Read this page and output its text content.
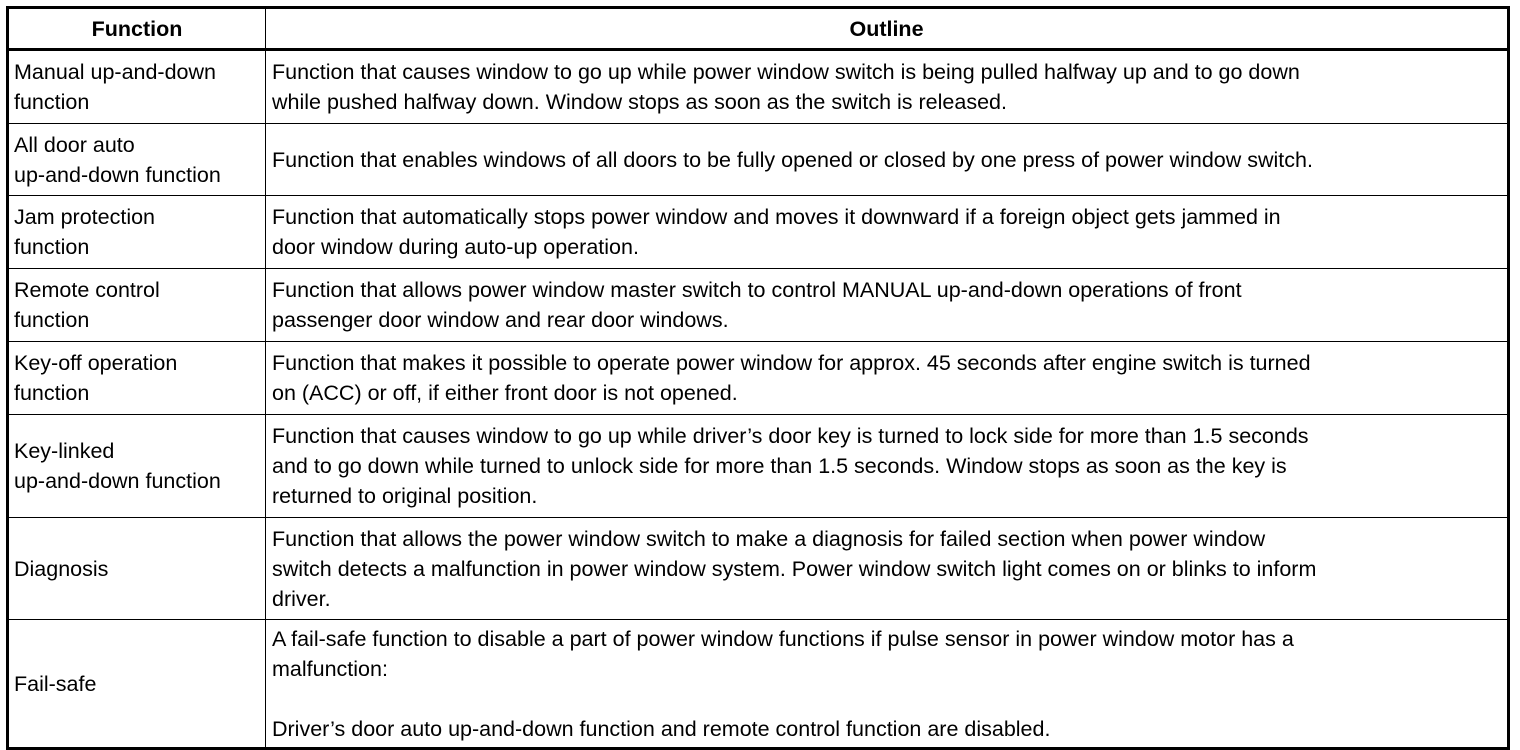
Function	Outline

Manual up-and-down
function	Function that causes window to go up while power window switch is being pulled halfway up and to go down
while pushed halfway down. Window stops as soon as the switch is released.

All door auto
up-and-down function	Function that enables windows of all doors to be fully opened or closed by one press of power window switch.

Jam protection
function	Function that automatically stops power window and moves it downward if a foreign object gets jammed in
door window during auto-up operation.

Remote control
function	Function that allows power window master switch to control MANUAL up-and-down operations of front
passenger door window and rear door windows.

Key-off operation
function	Function that makes it possible to operate power window for approx. 45 seconds after engine switch is turned
on (ACC) or off, if either front door is not opened.

Key-linked
up-and-down function	Function that causes window to go up while driver’s door key is turned to lock side for more than 1.5 seconds
and to go down while turned to unlock side for more than 1.5 seconds. Window stops as soon as the key is
returned to original position.

Diagnosis	Function that allows the power window switch to make a diagnosis for failed section when power window
switch detects a malfunction in power window system. Power window switch light comes on or blinks to inform
driver.

Fail-safe	A fail-safe function to disable a part of power window functions if pulse sensor in power window motor has a
malfunction:
Driver’s door auto up-and-down function and remote control function are disabled.
